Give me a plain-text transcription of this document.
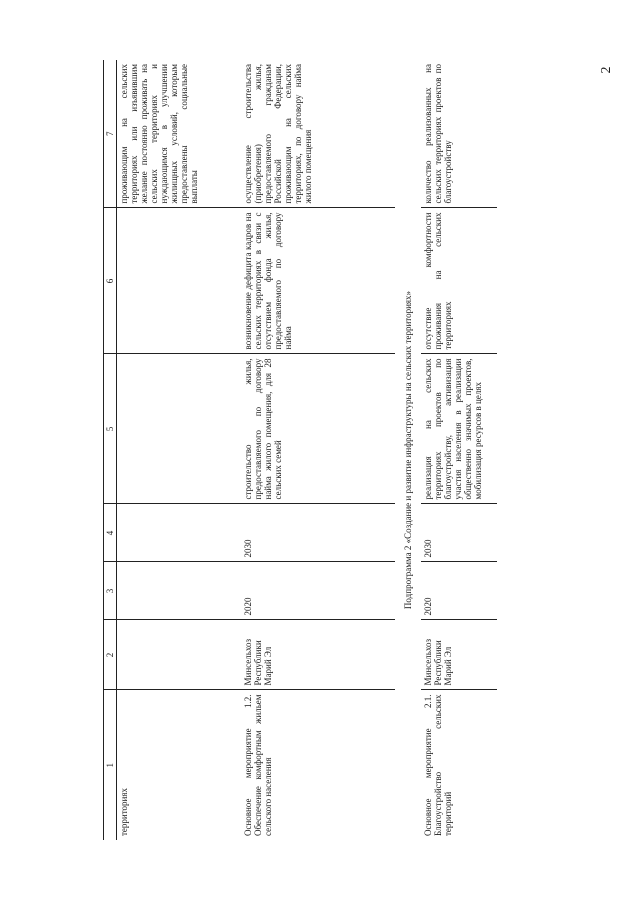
2
1	2	3	4	5	6	7
территориях						проживающим на сельских территориях или изъявившим желание постоянно проживать на сельских территориях и нуждающимся в улучшении жилищных условий, которым предоставлены социальные выплаты
Основное мероприятие 1.2. Обеспечение комфортным жильем сельского населения	Минсельхоз Республики Марий Эл	2020	2030	строительство жилья, предоставляемого по договору найма жилого помещения, для 28 сельских семей	возникновение дефицита кадров на сельских территориях в связи с отсутствием фонда жилья, предоставляемого по договору найма	осуществление строительства (приобретения) жилья, предоставляемого гражданам Российской Федерации, проживающим на сельских территориях, по договору найма жилого помещения
Подпрограмма 2 «Создание и развитие инфраструктуры на сельских территориях»						
Основное мероприятие 2.1. Благоустройство сельских территорий	Минсельхоз Республики Марий Эл	2020	2030	реализация на сельских территориях проектов по благоустройству, активизация участия населения в реализации общественно значимых проектов, мобилизация ресурсов в целях	отсутствие комфортности проживания на сельских территориях	количество реализованных на сельских территориях проектов по благоустройству
